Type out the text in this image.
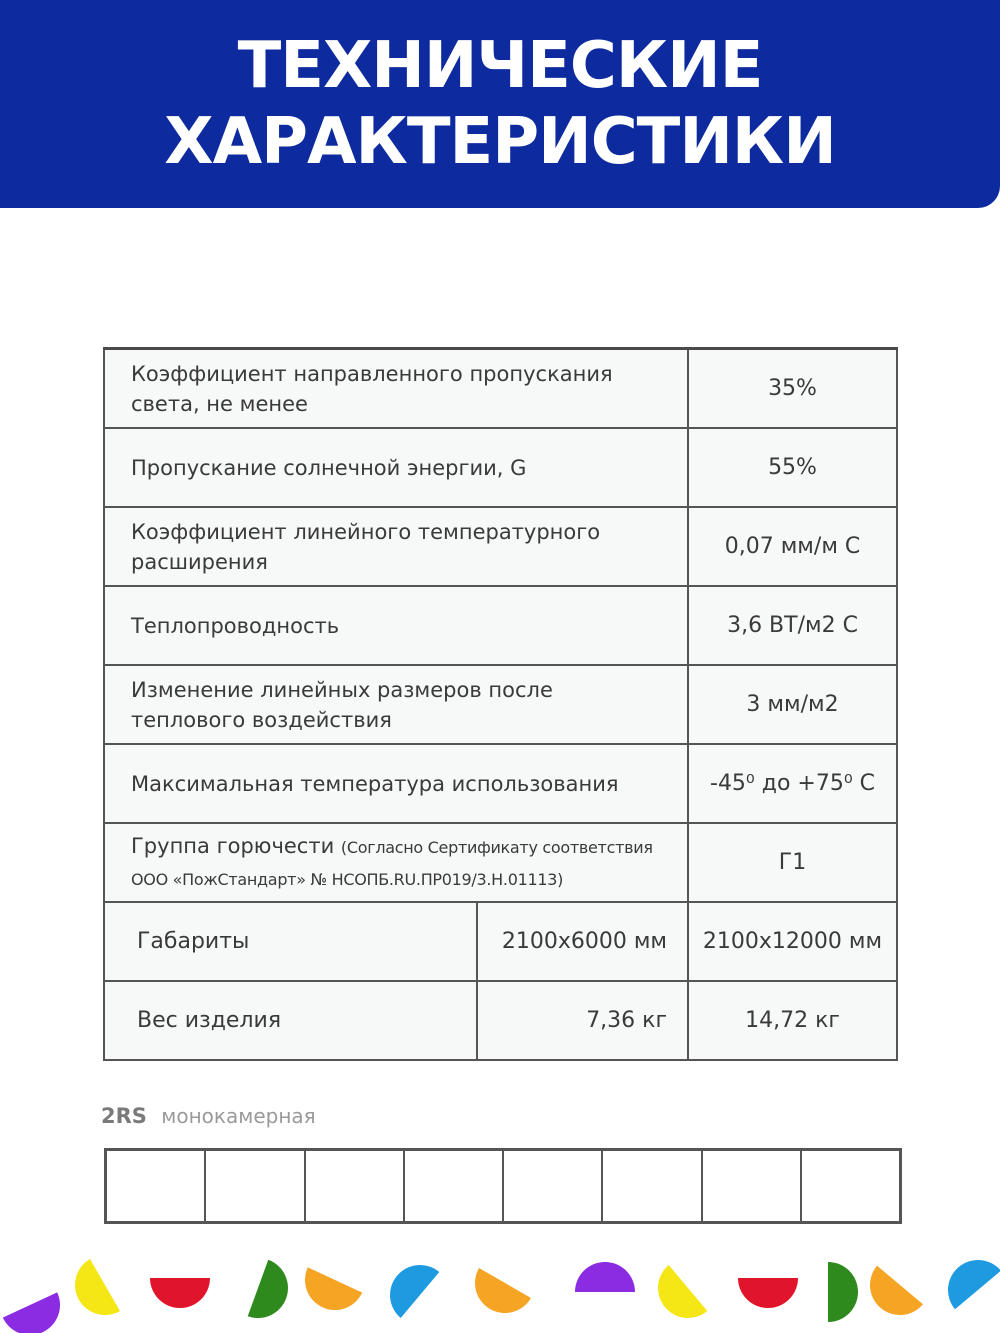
ТЕХНИЧЕСКИЕ
ХАРАКТЕРИСТИКИ
Коэффициент направленного пропускания
света, не менее		35%
Пропускание солнечной энергии, G		55%
Коэффициент линейного температурного
расширения		0,07 мм/м С
Теплопроводность		3,6 ВТ/м2 С
Изменение линейных размеров после
теплового воздействия		3 мм/м2
Максимальная температура использования		-45⁰ до +75⁰ С
Группа горючести (Согласно Сертификату соответствия
ООО «ПожСтандарт» № НСОПБ.RU.ПР019/3.Н.01113)		Г1
Габариты	2100x6000 мм	2100x12000 мм
Вес изделия	7,36 кг	14,72 кг
2RS монокамерная
